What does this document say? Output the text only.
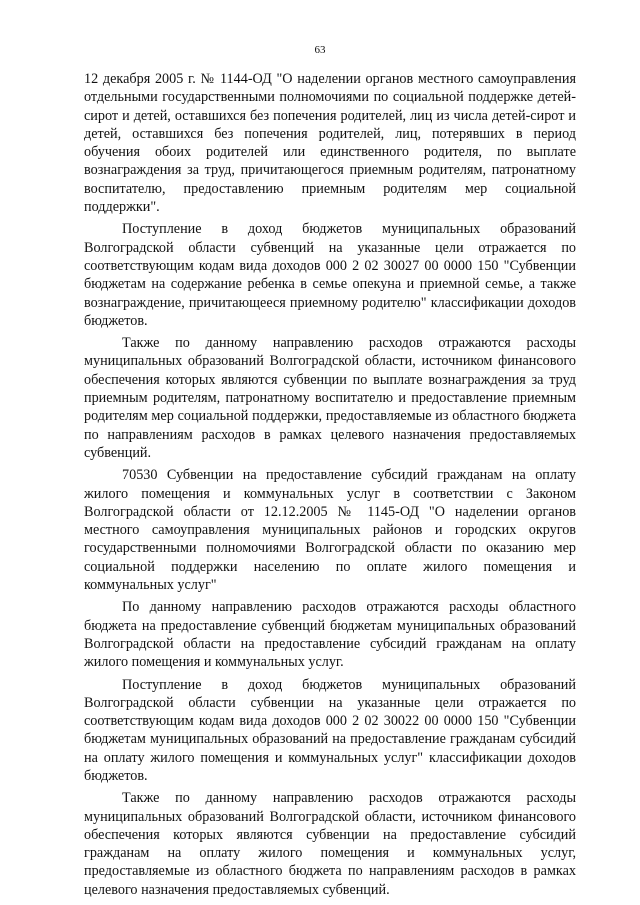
63

12 декабря 2005 г. № 1144-ОД "О наделении органов местного самоуправления отдельными государственными полномочиями по социальной поддержке детей-сирот и детей, оставшихся без попечения родителей, лиц из числа детей-сирот и детей, оставшихся без попечения родителей, лиц, потерявших в период обучения обоих родителей или единственного родителя, по выплате вознаграждения за труд, причитающегося приемным родителям, патронатному воспитателю, предоставлению приемным родителям мер социальной поддержки".

Поступление в доход бюджетов муниципальных образований Волгоградской области субвенций на указанные цели отражается по соответствующим кодам вида доходов 000 2 02 30027 00 0000 150 "Субвенции бюджетам на содержание ребенка в семье опекуна и приемной семье, а также вознаграждение, причитающееся приемному родителю" классификации доходов бюджетов.

Также по данному направлению расходов отражаются расходы муниципальных образований Волгоградской области, источником финансового обеспечения которых являются субвенции по выплате вознаграждения за труд приемным родителям, патронатному воспитателю и предоставление приемным родителям мер социальной поддержки, предоставляемые из областного бюджета по направлениям расходов в рамках целевого назначения предоставляемых субвенций.

70530 Субвенции на предоставление субсидий гражданам на оплату жилого помещения и коммунальных услуг в соответствии с Законом Волгоградской области от 12.12.2005 № 1145-ОД "О наделении органов местного самоуправления муниципальных районов и городских округов государственными полномочиями Волгоградской области по оказанию мер социальной поддержки населению по оплате жилого помещения и коммунальных услуг"

По данному направлению расходов отражаются расходы областного бюджета на предоставление субвенций бюджетам муниципальных образований Волгоградской области на предоставление субсидий гражданам на оплату жилого помещения и коммунальных услуг.

Поступление в доход бюджетов муниципальных образований Волгоградской области субвенции на указанные цели отражается по соответствующим кодам вида доходов 000 2 02 30022 00 0000 150 "Субвенции бюджетам муниципальных образований на предоставление гражданам субсидий на оплату жилого помещения и коммунальных услуг" классификации доходов бюджетов.

Также по данному направлению расходов отражаются расходы муниципальных образований Волгоградской области, источником финансового обеспечения которых являются субвенции на предоставление субсидий гражданам на оплату жилого помещения и коммунальных услуг, предоставляемые из областного бюджета по направлениям расходов в рамках целевого назначения предоставляемых субвенций.
